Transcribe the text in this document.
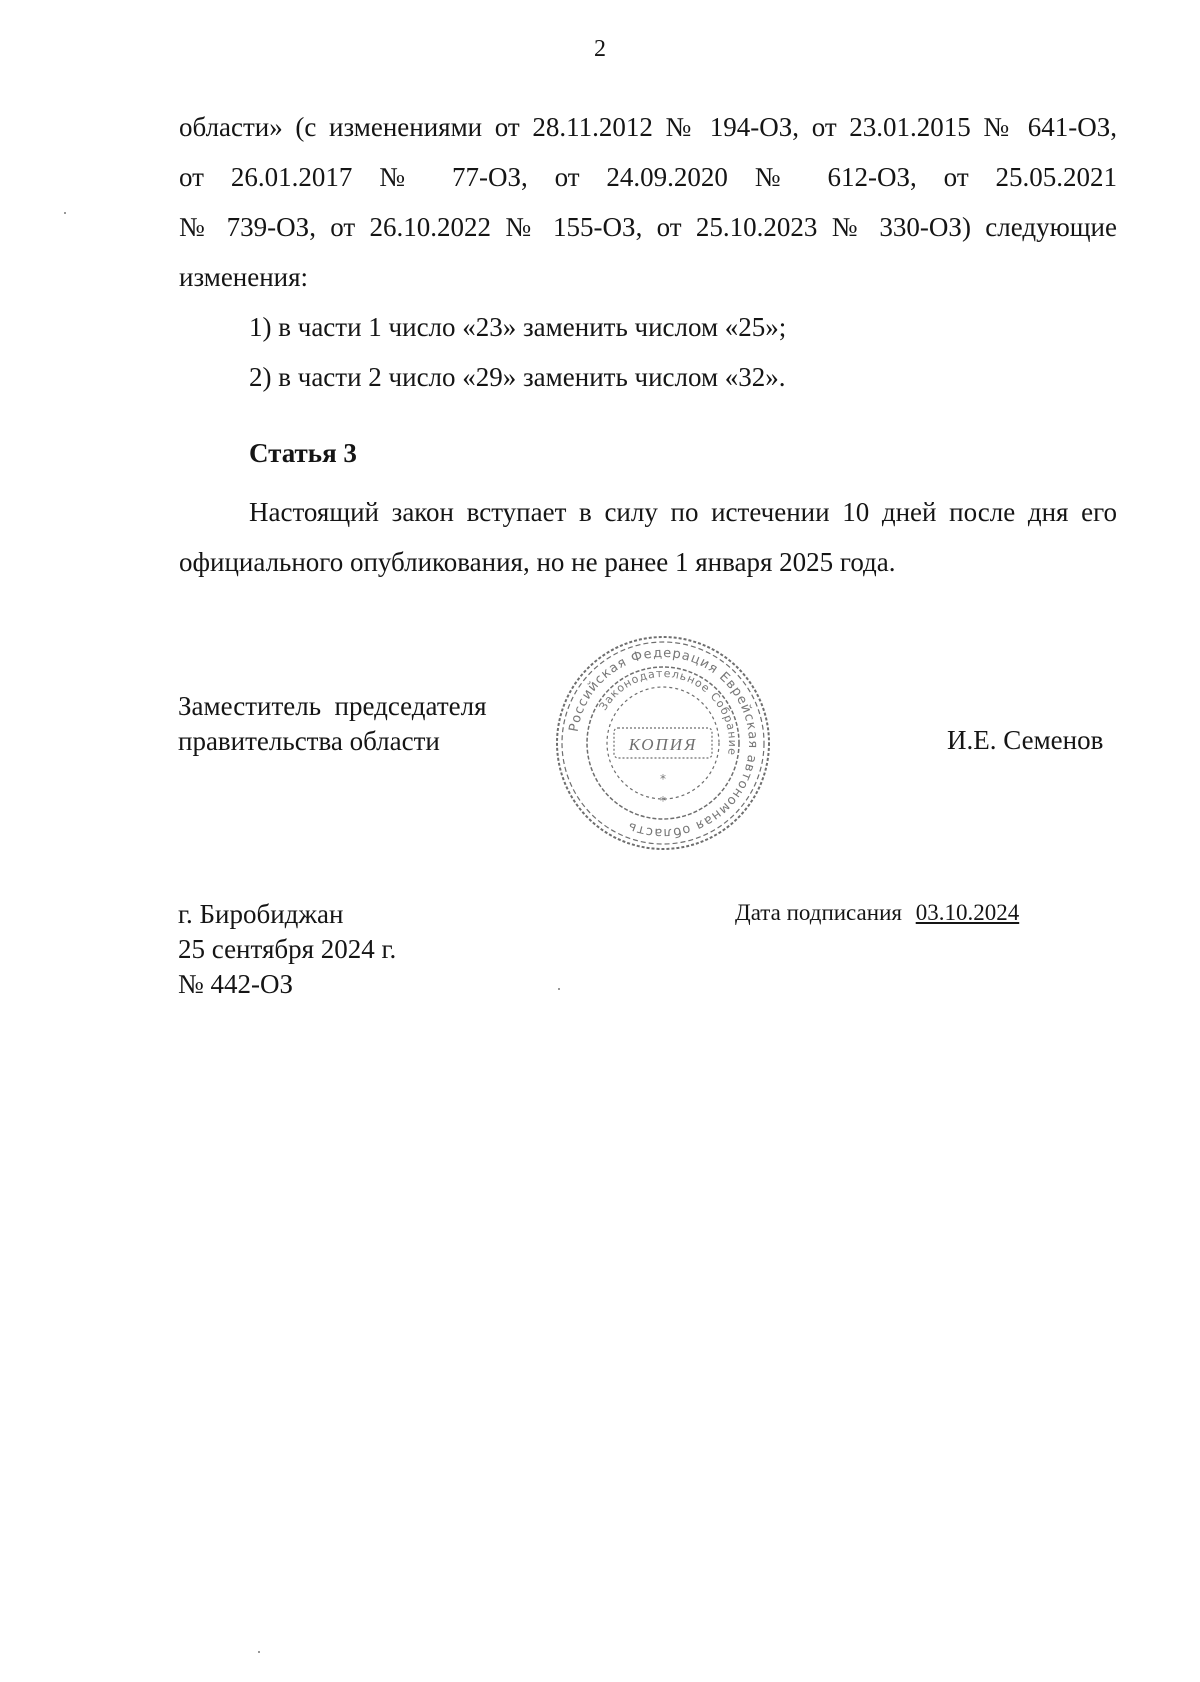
2

области» (с изменениями от 28.11.2012 № 194-ОЗ, от 23.01.2015 № 641-ОЗ,

от 26.01.2017 № 77-ОЗ, от 24.09.2020 № 612-ОЗ, от 25.05.2021

№ 739-ОЗ, от 26.10.2022 № 155-ОЗ, от 25.10.2023 № 330-ОЗ) следующие

изменения:

1) в части 1 число «23» заменить числом «25»;

2) в части 2 число «29» заменить числом «32».

Статья 3

Настоящий закон вступает в силу по истечении 10 дней после дня его официального опубликования, но не ранее 1 января 2025 года.

Заместитель  председателя
правительства области	И.Е. Семенов
Российская Федерация Еврейская автономная область
Законодательное Собрание
КОПИЯ
*
*
г. Биробиджан
25 сентября 2024 г.
№ 442-ОЗ
Дата подписания 03.10.2024
